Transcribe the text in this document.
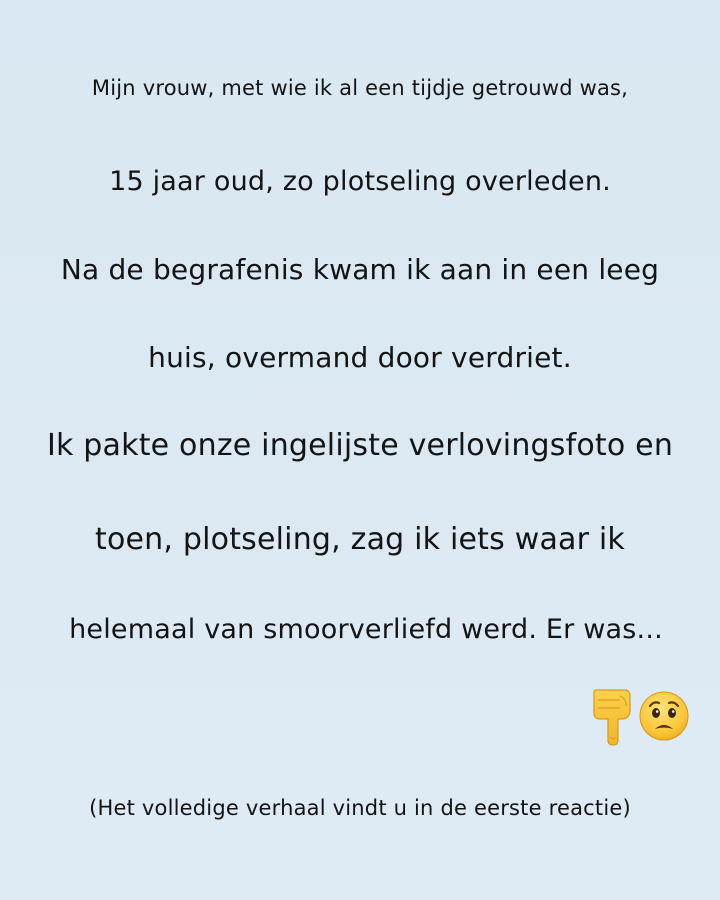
Mijn vrouw, met wie ik al een tijdje getrouwd was,
15 jaar oud, zo plotseling overleden.
Na de begrafenis kwam ik aan in een leeg
huis, overmand door verdriet.
Ik pakte onze ingelijste verlovingsfoto en
toen, plotseling, zag ik iets waar ik
helemaal van smoorverliefd werd. Er was...
(Het volledige verhaal vindt u in de eerste reactie)
